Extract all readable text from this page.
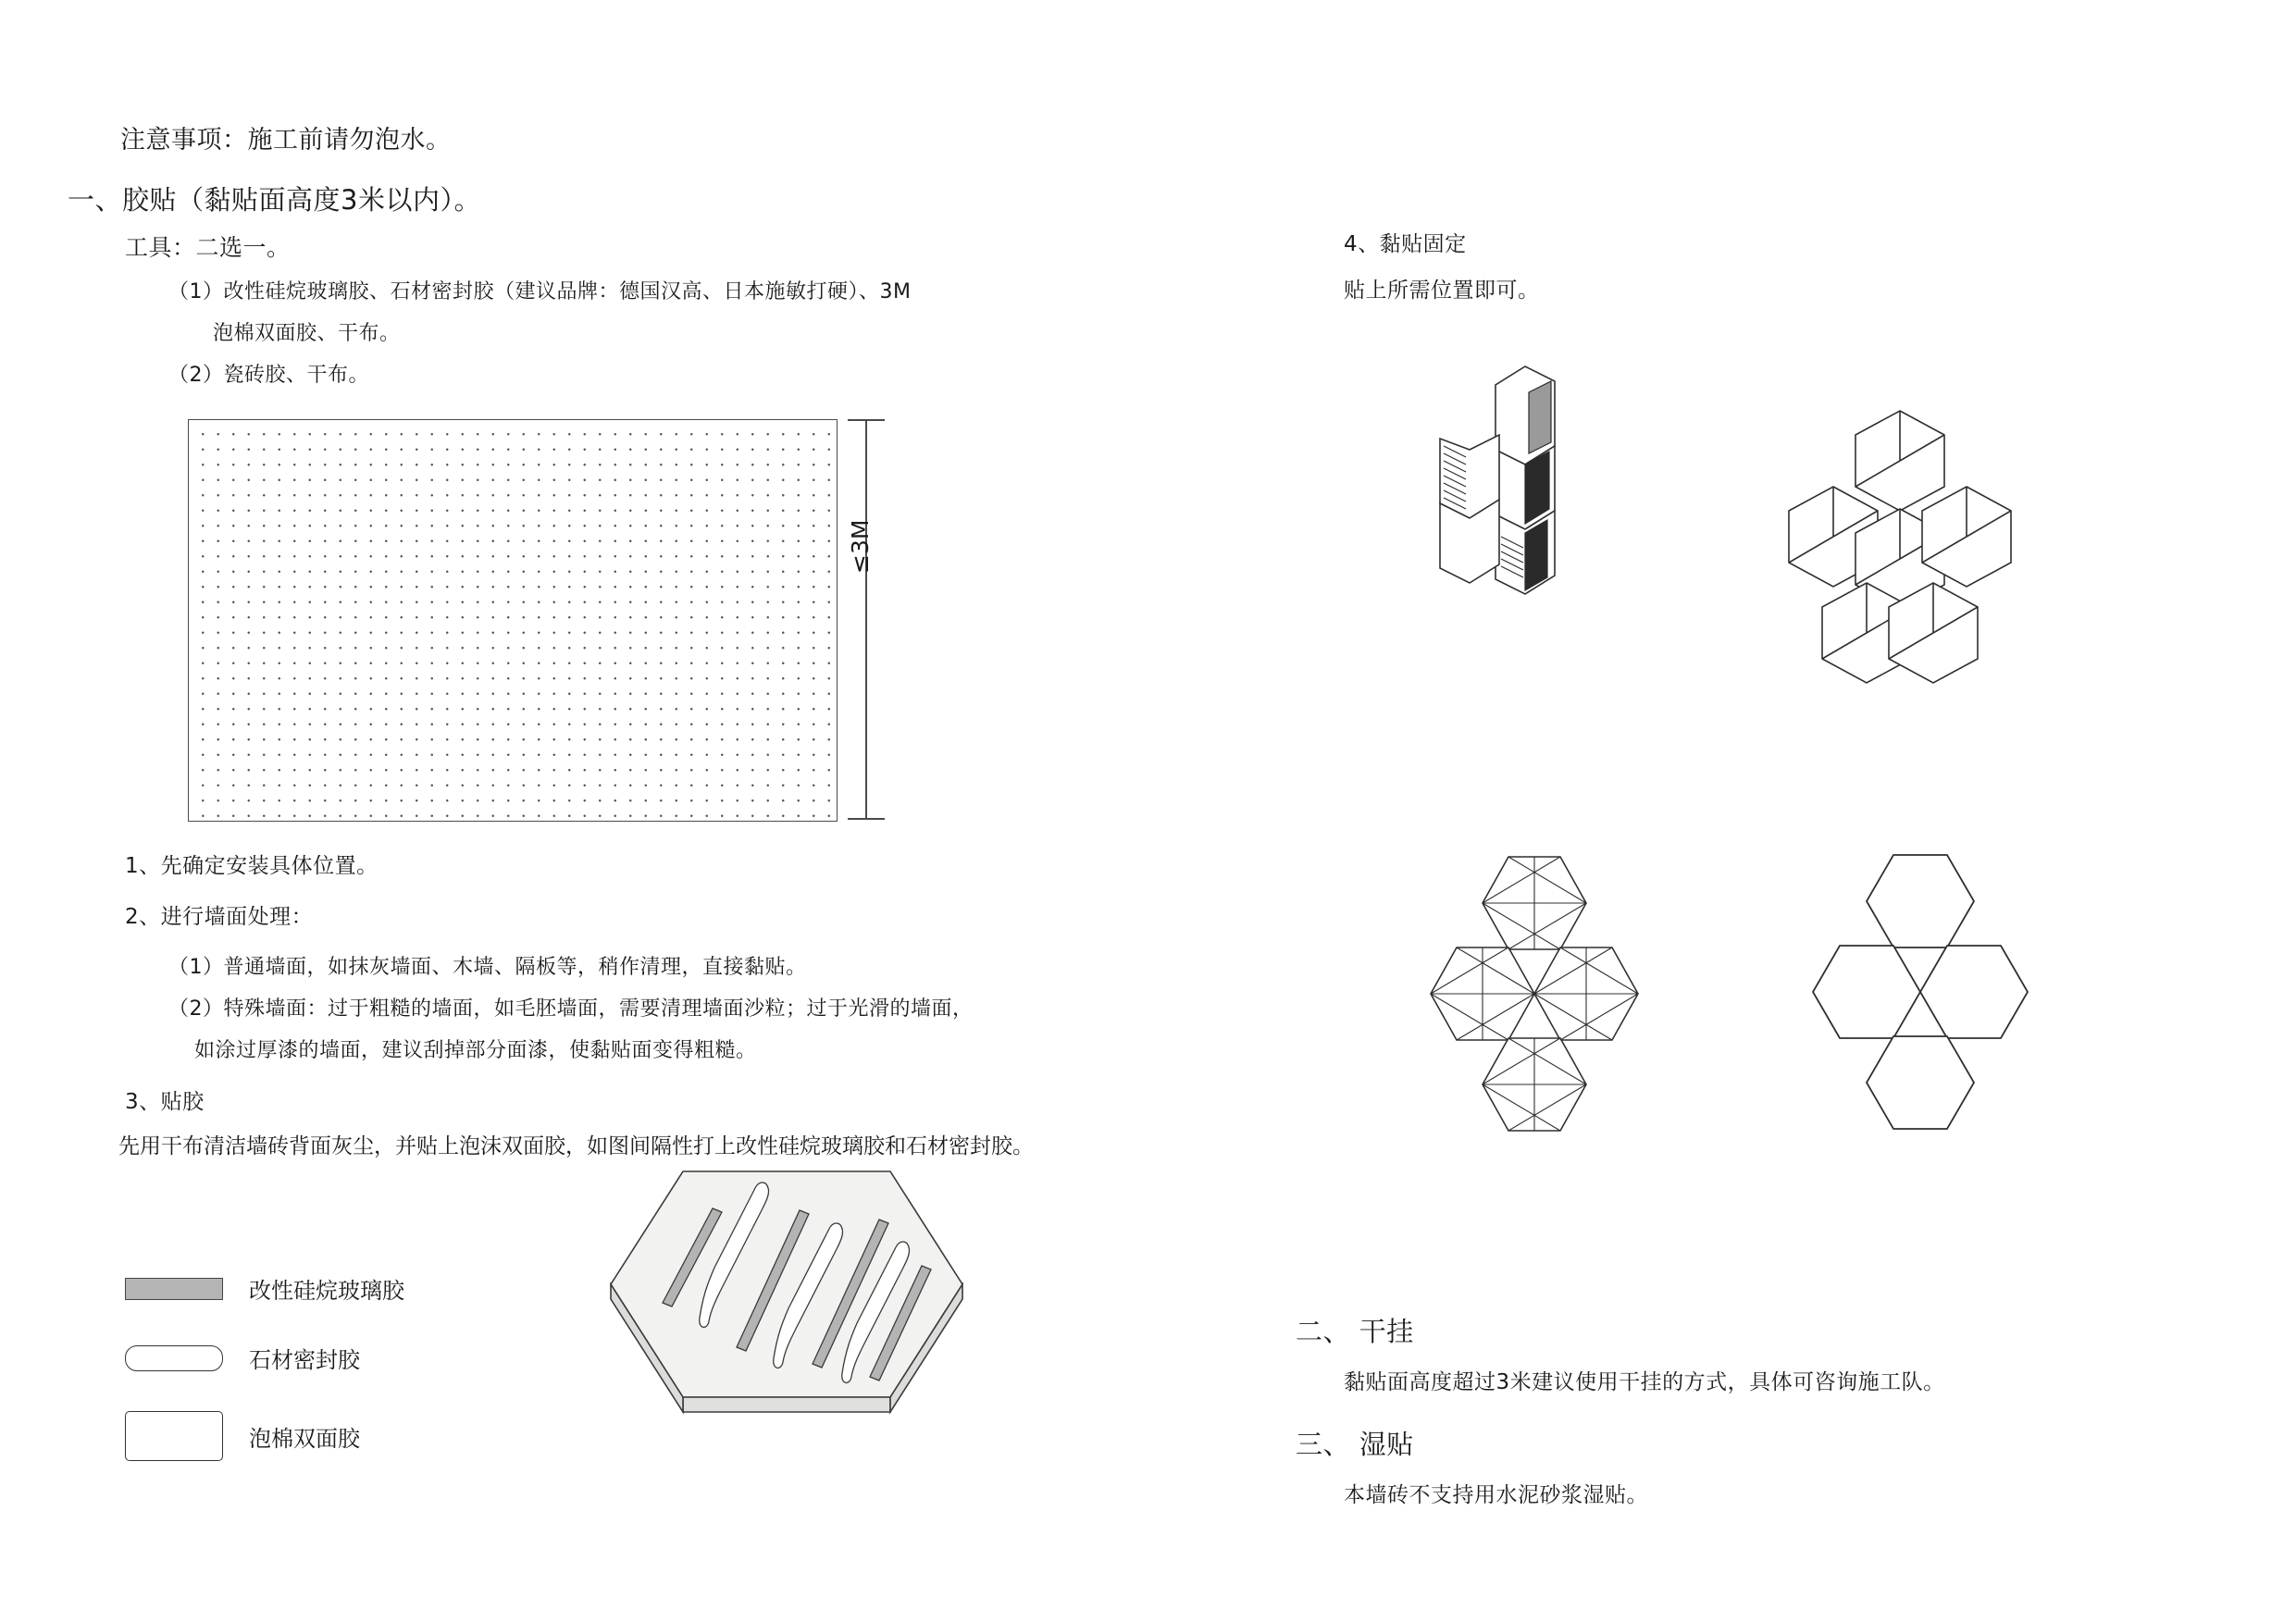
注意事项：施工前请勿泡水。
一、胶贴（黏贴面高度3米以内）。
工具：二选一。
（1）改性硅烷玻璃胶、石材密封胶（建议品牌：德国汉高、日本施敏打硬）、3M
泡棉双面胶、干布。
（2）瓷砖胶、干布。
≤3M
1、先确定安装具体位置。
2、进行墙面处理：
（1）普通墙面，如抹灰墙面、木墙、隔板等，稍作清理，直接黏贴。
（2）特殊墙面：过于粗糙的墙面，如毛胚墙面，需要清理墙面沙粒；过于光滑的墙面，
如涂过厚漆的墙面，建议刮掉部分面漆，使黏贴面变得粗糙。
3、贴胶
先用干布清洁墙砖背面灰尘，并贴上泡沫双面胶，如图间隔性打上改性硅烷玻璃胶和石材密封胶。
改性硅烷玻璃胶
石材密封胶
泡棉双面胶
4、黏贴固定
贴上所需位置即可。
二、 干挂
黏贴面高度超过3米建议使用干挂的方式，具体可咨询施工队。
三、 湿贴
本墙砖不支持用水泥砂浆湿贴。
